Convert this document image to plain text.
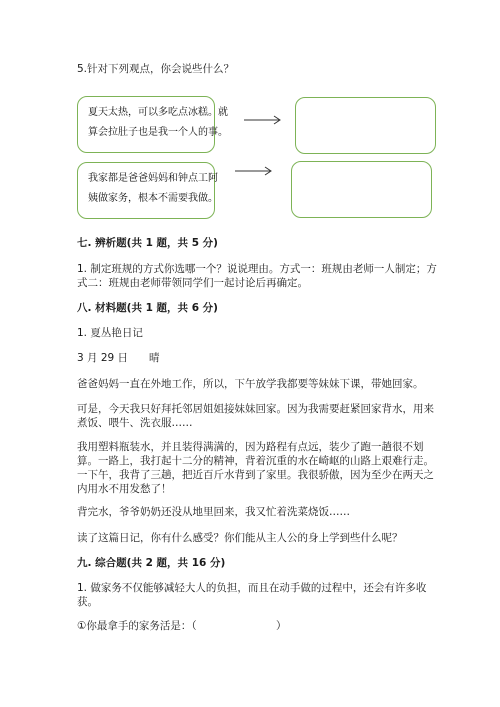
5.针对下列观点，你会说些什么？
夏天太热，可以多吃点冰糕。就
算会拉肚子也是我一个人的事。
我家都是爸爸妈妈和钟点工阿
姨做家务，根本不需要我做。
七. 辨析题(共 1 题，共 5 分)
1. 制定班规的方式你选哪一个？说说理由。方式一：班规由老师一人制定；方
式二：班规由老师带领同学们一起讨论后再确定。
八. 材料题(共 1 题，共 6 分)
1. 夏丛艳日记
3 月 29 日 晴
爸爸妈妈一直在外地工作，所以，下午放学我都要等妹妹下课，带她回家。
可是，今天我只好拜托邻居姐姐接妹妹回家。因为我需要赶紧回家背水，用来
煮饭、喂牛、洗衣服……
我用塑料瓶装水，并且装得满满的，因为路程有点远，装少了跑一趟很不划
算。一路上，我打起十二分的精神，背着沉重的水在崎岖的山路上艰难行走。
一下午，我背了三趟，把近百斤水背到了家里。我很骄傲，因为至少在两天之
内用水不用发愁了！
背完水，爷爷奶奶还没从地里回来，我又忙着洗菜烧饭……
读了这篇日记，你有什么感受？你们能从主人公的身上学到些什么呢？
九. 综合题(共 2 题，共 16 分)
1. 做家务不仅能够减轻大人的负担，而且在动手做的过程中，还会有许多收
获。
①你最拿手的家务活是：（	）
